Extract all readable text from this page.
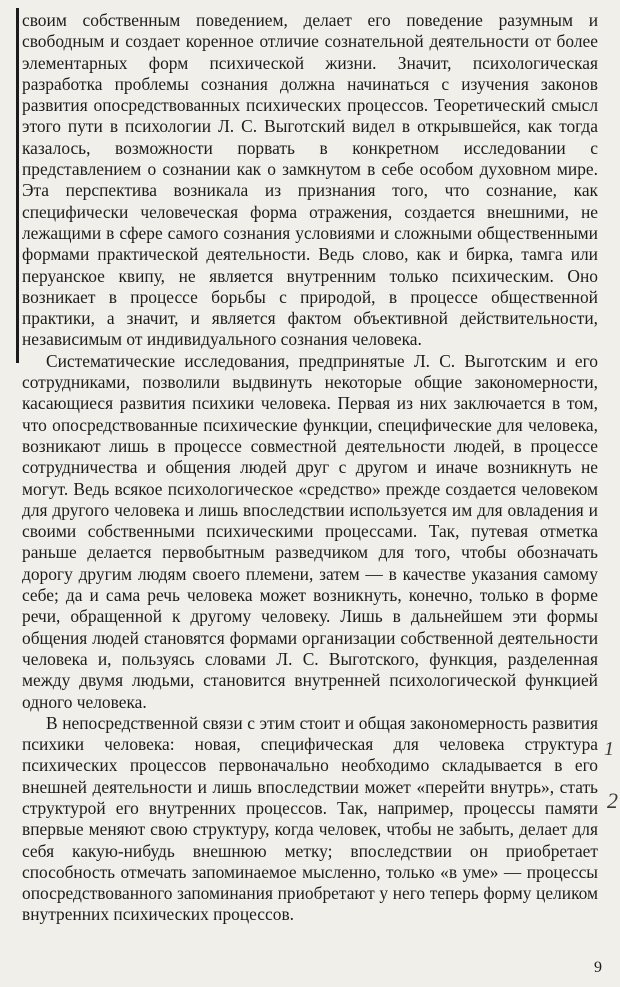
своим собственным поведением, делает его поведение разумным и свободным и создает коренное отличие сознательной деятельности от более элементарных форм психической жизни. Значит, психологическая разработка проблемы сознания должна начинаться с изучения законов развития опосредствованных психических процессов. Теоретический смысл этого пути в психологии Л. С. Выготский видел в открывшейся, как тогда казалось, возможности порвать в конкретном исследовании с представлением о сознании как о замкнутом в себе особом духовном мире. Эта перспектива возникала из признания того, что сознание, как специфически человеческая форма отражения, создается внешними, не лежащими в сфере самого сознания условиями и сложными общественными формами практической деятельности. Ведь слово, как и бирка, тамга или перуанское квипу, не является внутренним только психическим. Оно возникает в процессе борьбы с природой, в процессе общественной практики, а значит, и является фактом объективной действительности, независимым от индивидуального сознания человека.

Систематические исследования, предпринятые Л. С. Выготским и его сотрудниками, позволили выдвинуть некоторые общие закономерности, касающиеся развития психики человека. Первая из них заключается в том, что опосредствованные психические функции, специфические для человека, возникают лишь в процессе совместной деятельности людей, в процессе сотрудничества и общения людей друг с другом и иначе возникнуть не могут. Ведь всякое психологическое «средство» прежде создается человеком для другого человека и лишь впоследствии используется им для овладения и своими собственными психическими процессами. Так, путевая отметка раньше делается первобытным разведчиком для того, чтобы обозначать дорогу другим людям своего племени, затем — в качестве указания самому себе; да и сама речь человека может возникнуть, конечно, только в форме речи, обращенной к другому человеку. Лишь в дальнейшем эти формы общения людей становятся формами организации собственной деятельности человека и, пользуясь словами Л. С. Выготского, функция, разделенная между двумя людьми, становится внутренней психологической функцией одного человека.

В непосредственной связи с этим стоит и общая закономерность развития психики человека: новая, специфическая для человека структура психических процессов первоначально необходимо складывается в его внешней деятельности и лишь впоследствии может «перейти внутрь», стать структурой его внутренних процессов. Так, например, процессы памяти впервые меняют свою структуру, когда человек, чтобы не забыть, делает для себя какую-нибудь внешнюю метку; впоследствии он приобретает способность отмечать запоминаемое мысленно, только «в уме» — процессы опосредствованного запоминания приобретают у него теперь форму целиком внутренних психических процессов.

1
2
9
